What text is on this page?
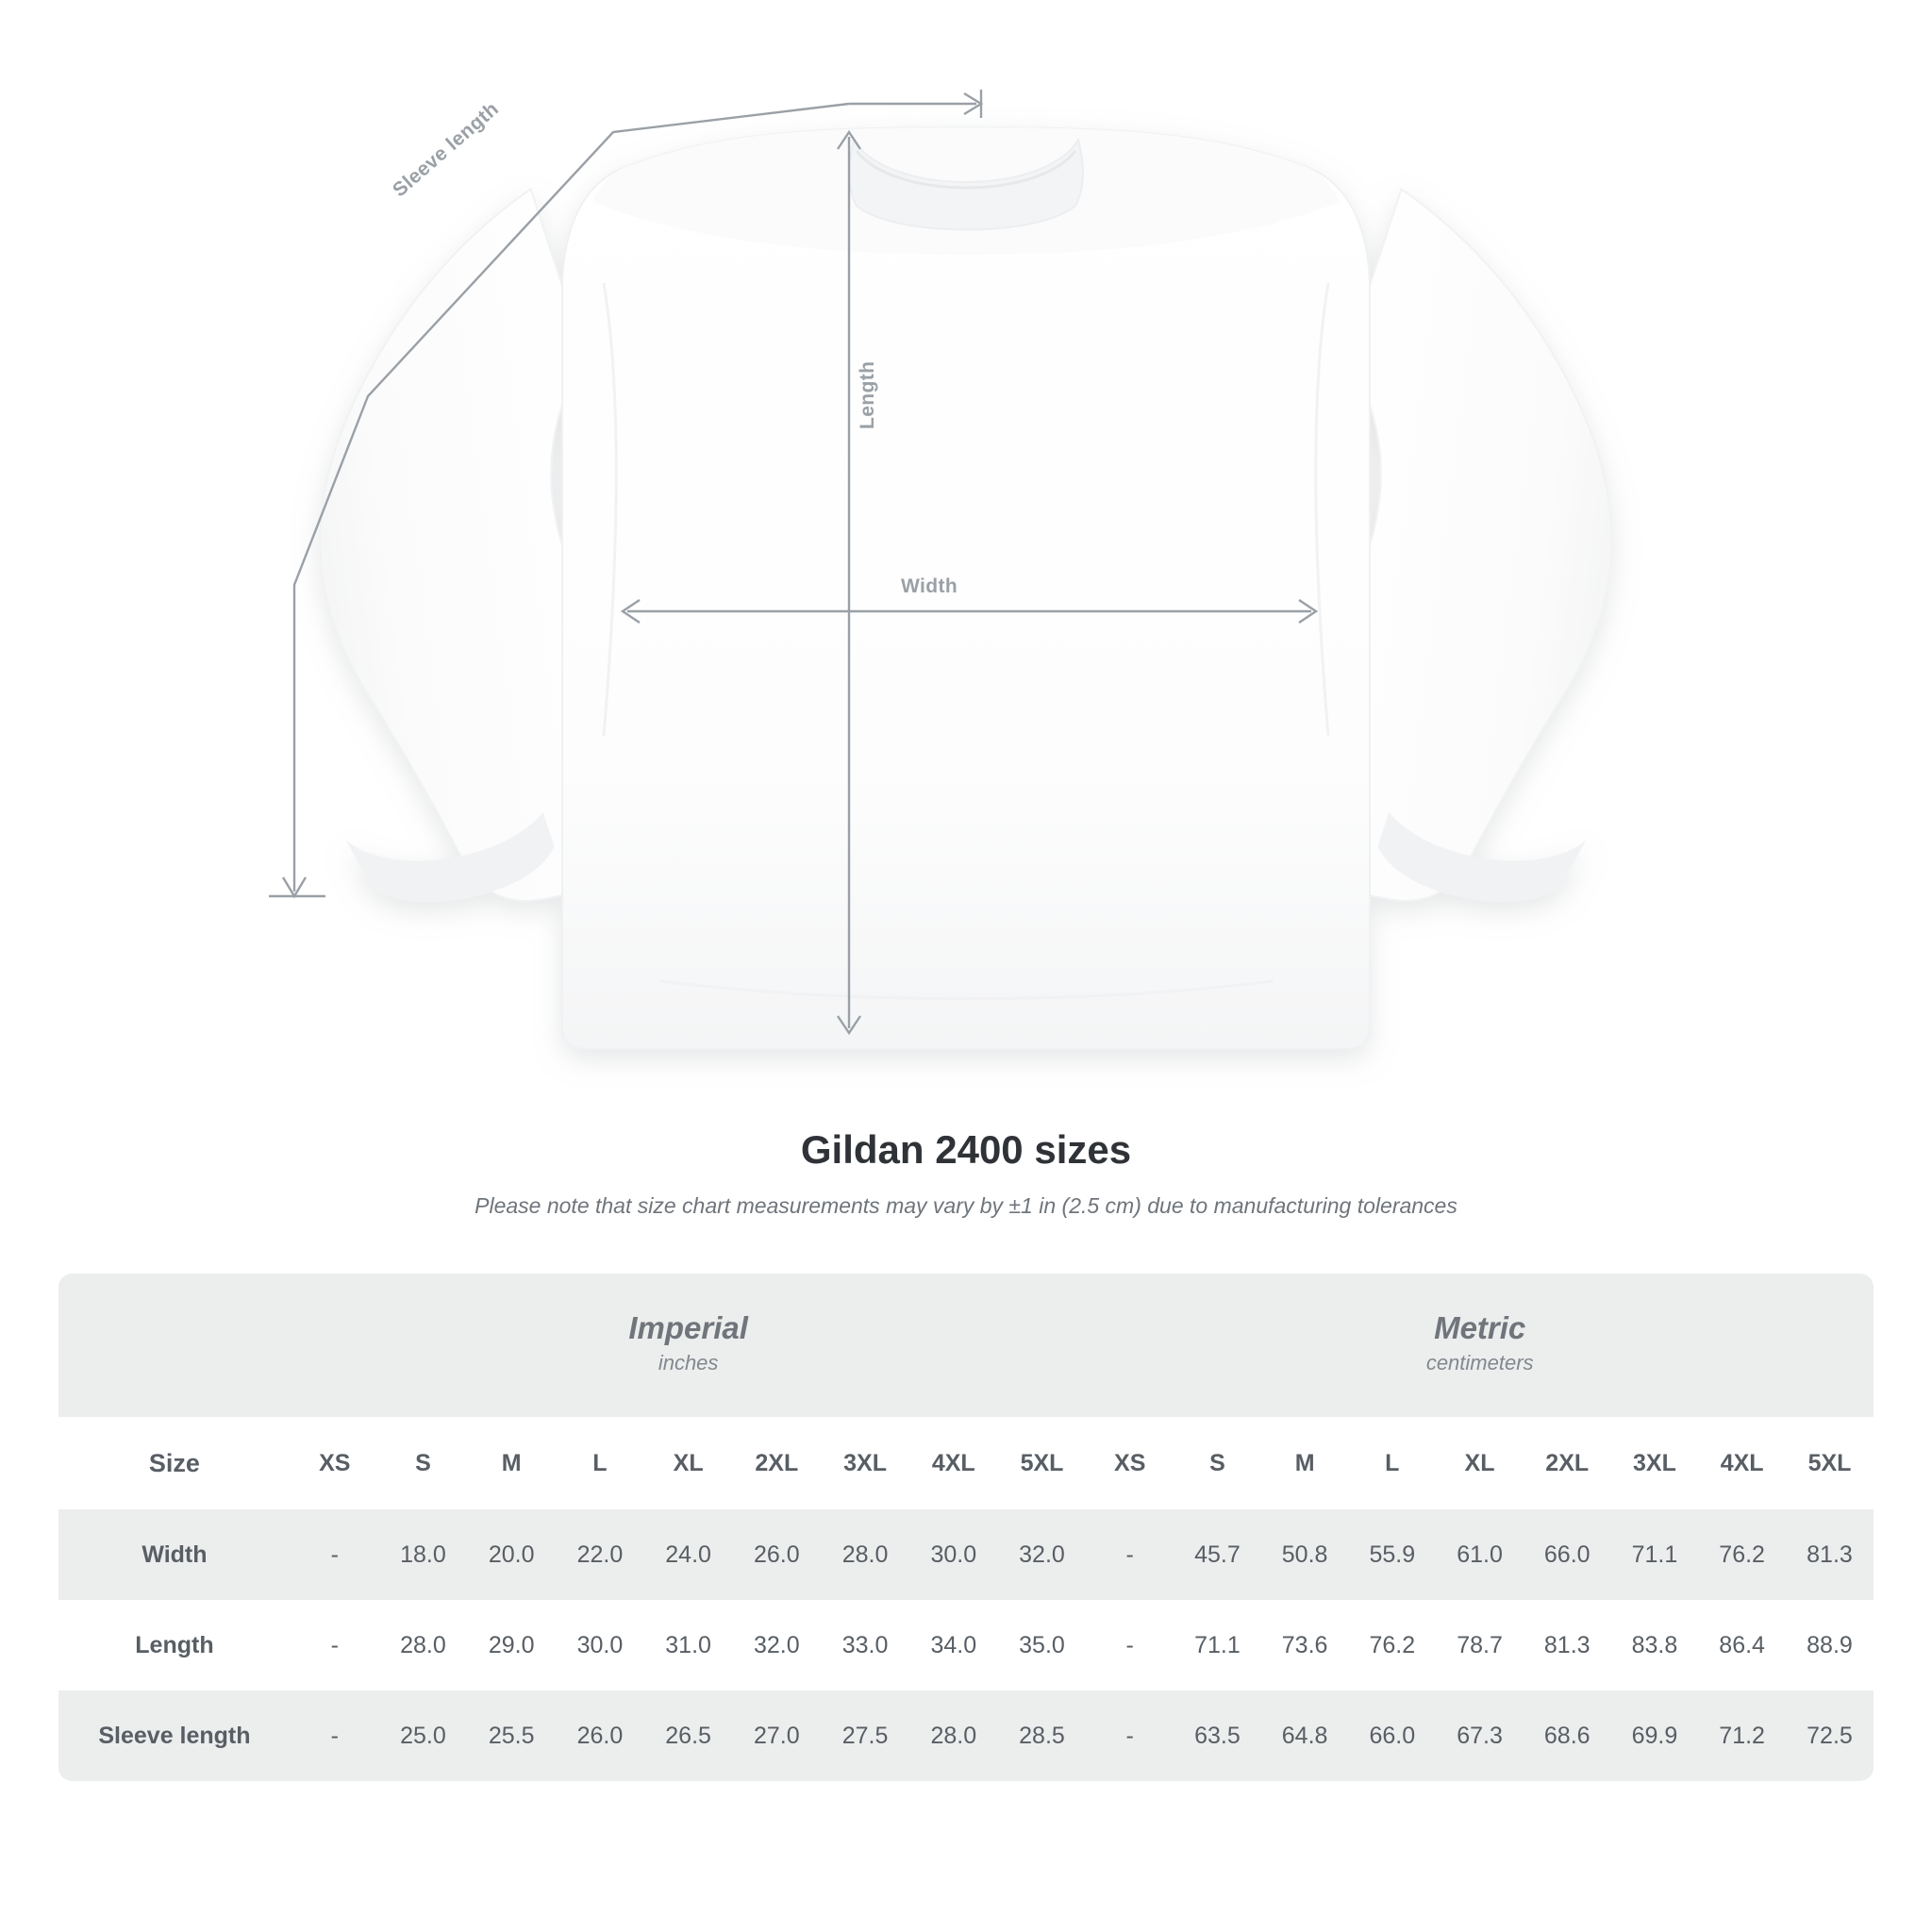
Length
Width
Sleeve length
Gildan 2400 sizes

Please note that size chart measurements may vary by ±1 in (2.5 cm) due to manufacturing tolerances

Imperial
inches

Metric
centimeters

Size	XS	S	M	L	XL	2XL	3XL	4XL	5XL	XS	S	M	L	XL	2XL	3XL	4XL	5XL
Width	-	18.0	20.0	22.0	24.0	26.0	28.0	30.0	32.0	-	45.7	50.8	55.9	61.0	66.0	71.1	76.2	81.3
Length	-	28.0	29.0	30.0	31.0	32.0	33.0	34.0	35.0	-	71.1	73.6	76.2	78.7	81.3	83.8	86.4	88.9
Sleeve length	-	25.0	25.5	26.0	26.5	27.0	27.5	28.0	28.5	-	63.5	64.8	66.0	67.3	68.6	69.9	71.2	72.5
